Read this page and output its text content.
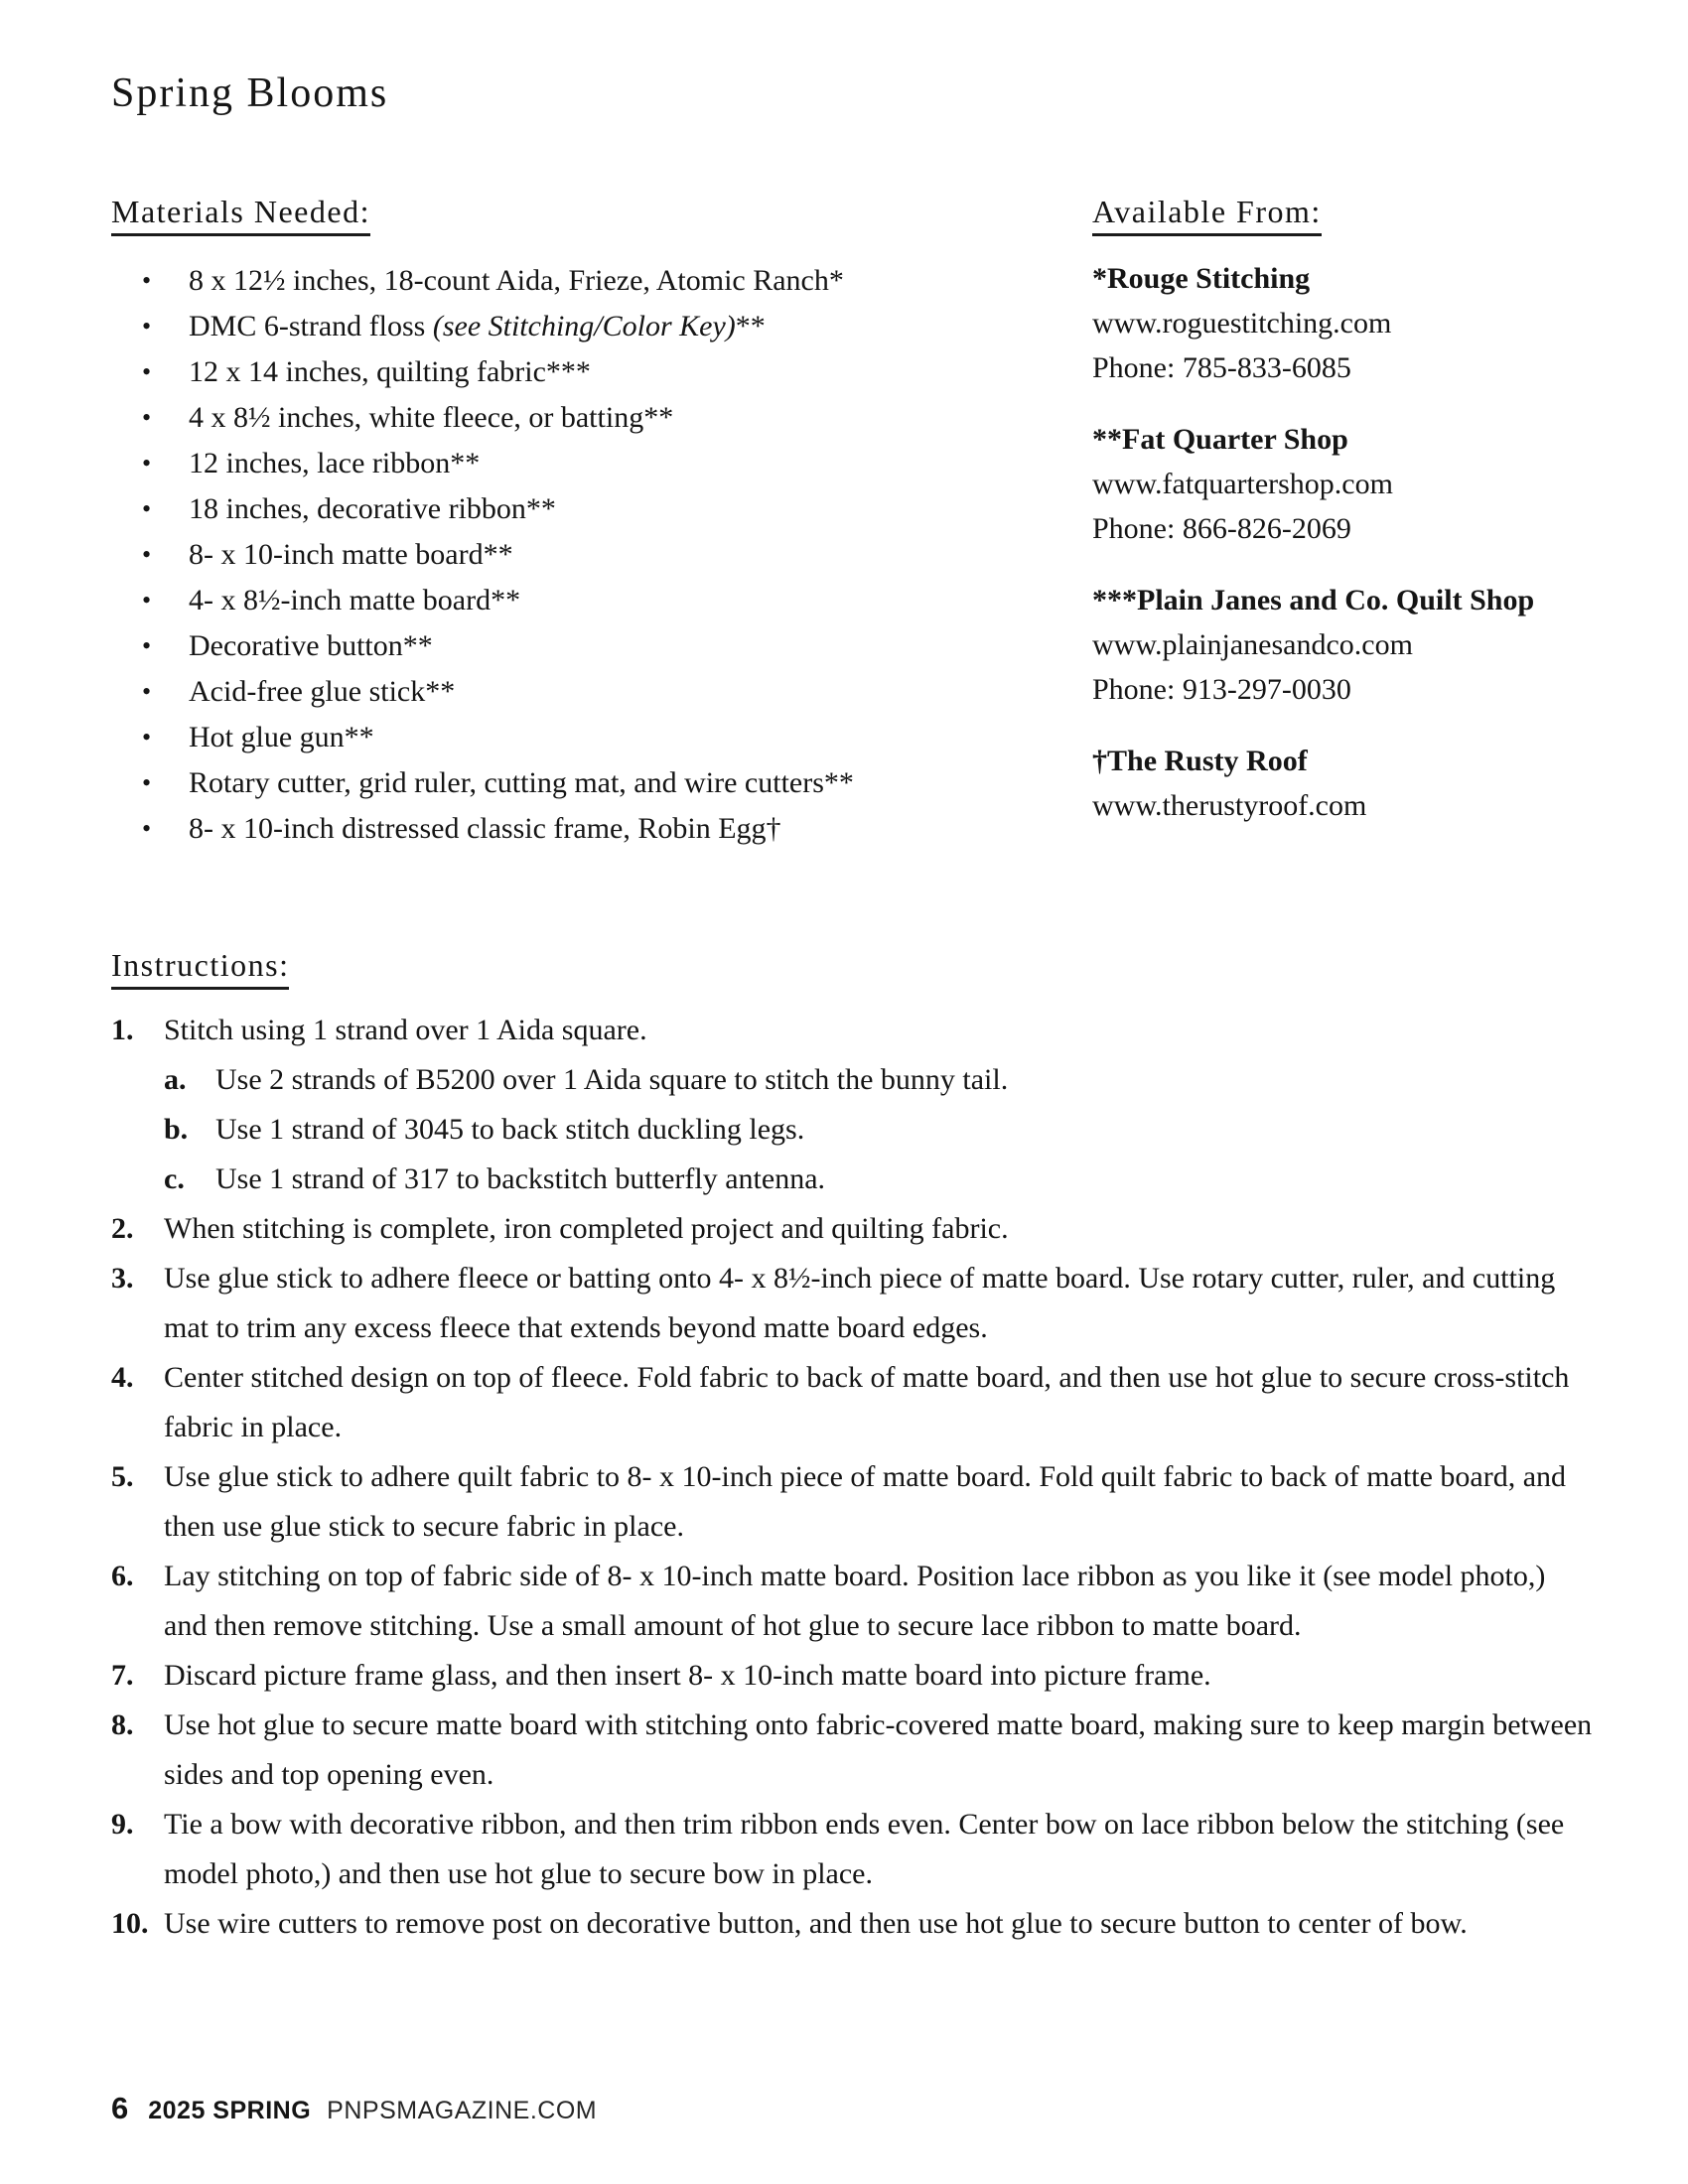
Spring Blooms
Materials Needed:
•	8 x 12½ inches, 18-count Aida, Frieze, Atomic Ranch*
•	DMC 6-strand floss (see Stitching/Color Key)**
•	12 x 14 inches, quilting fabric***
•	4 x 8½ inches, white fleece, or batting**
•	12 inches, lace ribbon**
•	18 inches, decorative ribbon**
•	8- x 10-inch matte board**
•	4- x 8½-inch matte board**
•	Decorative button**
•	Acid-free glue stick**
•	Hot glue gun**
•	Rotary cutter, grid ruler, cutting mat, and wire cutters**
•	8- x 10-inch distressed classic frame, Robin Egg†
Available From:
*Rouge Stitching
www.roguestitching.com
Phone: 785-833-6085
**Fat Quarter Shop
www.fatquartershop.com
Phone: 866-826-2069
***Plain Janes and Co. Quilt Shop
www.plainjanesandco.com
Phone: 913-297-0030
†The Rusty Roof
www.therustyroof.com
Instructions:
1. Stitch using 1 strand over 1 Aida square.
a. Use 2 strands of B5200 over 1 Aida square to stitch the bunny tail.
b. Use 1 strand of 3045 to back stitch duckling legs.
c. Use 1 strand of 317 to backstitch butterfly antenna.
2. When stitching is complete, iron completed project and quilting fabric.
3. Use glue stick to adhere fleece or batting onto 4- x 8½-inch piece of matte board. Use rotary cutter, ruler, and cutting mat to trim any excess fleece that extends beyond matte board edges.
4. Center stitched design on top of fleece. Fold fabric to back of matte board, and then use hot glue to secure cross-stitch fabric in place.
5. Use glue stick to adhere quilt fabric to 8- x 10-inch piece of matte board. Fold quilt fabric to back of matte board, and then use glue stick to secure fabric in place.
6. Lay stitching on top of fabric side of 8- x 10-inch matte board. Position lace ribbon as you like it (see model photo,) and then remove stitching. Use a small amount of hot glue to secure lace ribbon to matte board.
7. Discard picture frame glass, and then insert 8- x 10-inch matte board into picture frame.
8. Use hot glue to secure matte board with stitching onto fabric-covered matte board, making sure to keep margin between sides and top opening even.
9. Tie a bow with decorative ribbon, and then trim ribbon ends even. Center bow on lace ribbon below the stitching (see model photo,) and then use hot glue to secure bow in place.
10. Use wire cutters to remove post on decorative button, and then use hot glue to secure button to center of bow.
6 2025 SPRING PNPSMAGAZINE.COM
